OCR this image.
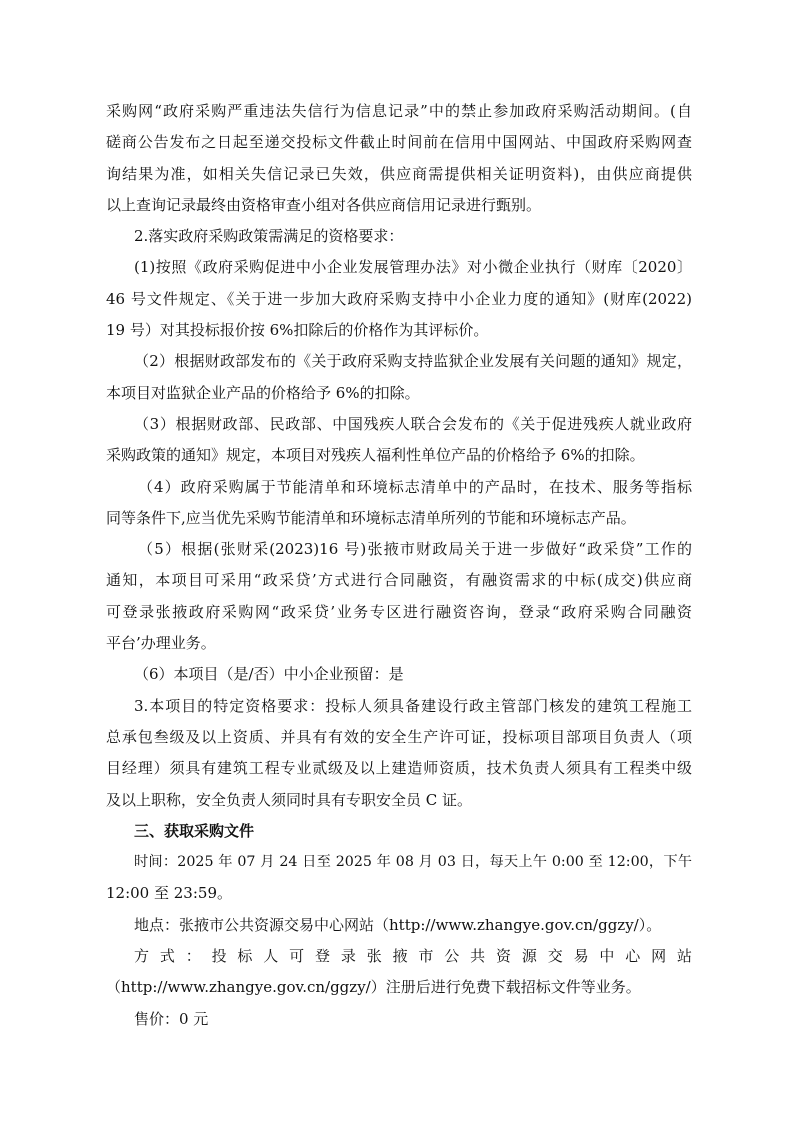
采购网“政府采购严重违法失信行为信息记录”中的禁止参加政府采购活动期间。(自
磋商公告发布之日起至递交投标文件截止时间前在信用中国网站、中国政府采购网查
询结果为准，如相关失信记录已失效，供应商需提供相关证明资料)，由供应商提供
以上查询记录最终由资格审查小组对各供应商信用记录进行甄别。
2.落实政府采购政策需满足的资格要求：
(1)按照《政府采购促进中小企业发展管理办法》对小微企业执行（财库〔2020〕
46 号文件规定、《关于进一步加大政府采购支持中小企业力度的通知》(财库(2022)
19 号）对其投标报价按 6%扣除后的价格作为其评标价。
（2）根据财政部发布的《关于政府采购支持监狱企业发展有关问题的通知》规定，
本项目对监狱企业产品的价格给予 6%的扣除。
（3）根据财政部、民政部、中国残疾人联合会发布的《关于促进残疾人就业政府
采购政策的通知》规定，本项目对残疾人福利性单位产品的价格给予 6%的扣除。
（4）政府采购属于节能清单和环境标志清单中的产品时，在技术、服务等指标
同等条件下,应当优先采购节能清单和环境标志清单所列的节能和环境标志产品。
（5）根据(张财采(2023)16 号)张掖市财政局关于进一步做好“政采贷”工作的
通知，本项目可采用“政采贷’方式进行合同融资，有融资需求的中标(成交)供应商
可登录张掖政府采购网“政采贷’业务专区进行融资咨询，登录“政府采购合同融资
平台’办理业务。
（6）本项目（是/否）中小企业预留：是
3.本项目的特定资格要求：投标人须具备建设行政主管部门核发的建筑工程施工
总承包叁级及以上资质、并具有有效的安全生产许可证，投标项目部项目负责人（项
目经理）须具有建筑工程专业贰级及以上建造师资质，技术负责人须具有工程类中级
及以上职称，安全负责人须同时具有专职安全员 C 证。
三、获取采购文件
时间：2025 年 07 月 24 日至 2025 年 08 月 03 日，每天上午 0:00 至 12:00，下午
12:00 至 23:59。
地点：张掖市公共资源交易中心网站（http://www.zhangye.gov.cn/ggzy/）。
方 式 ： 投 标 人 可 登 录 张 掖 市 公 共 资 源 交 易 中 心 网 站
（http://www.zhangye.gov.cn/ggzy/）注册后进行免费下载招标文件等业务。
售价：0 元
